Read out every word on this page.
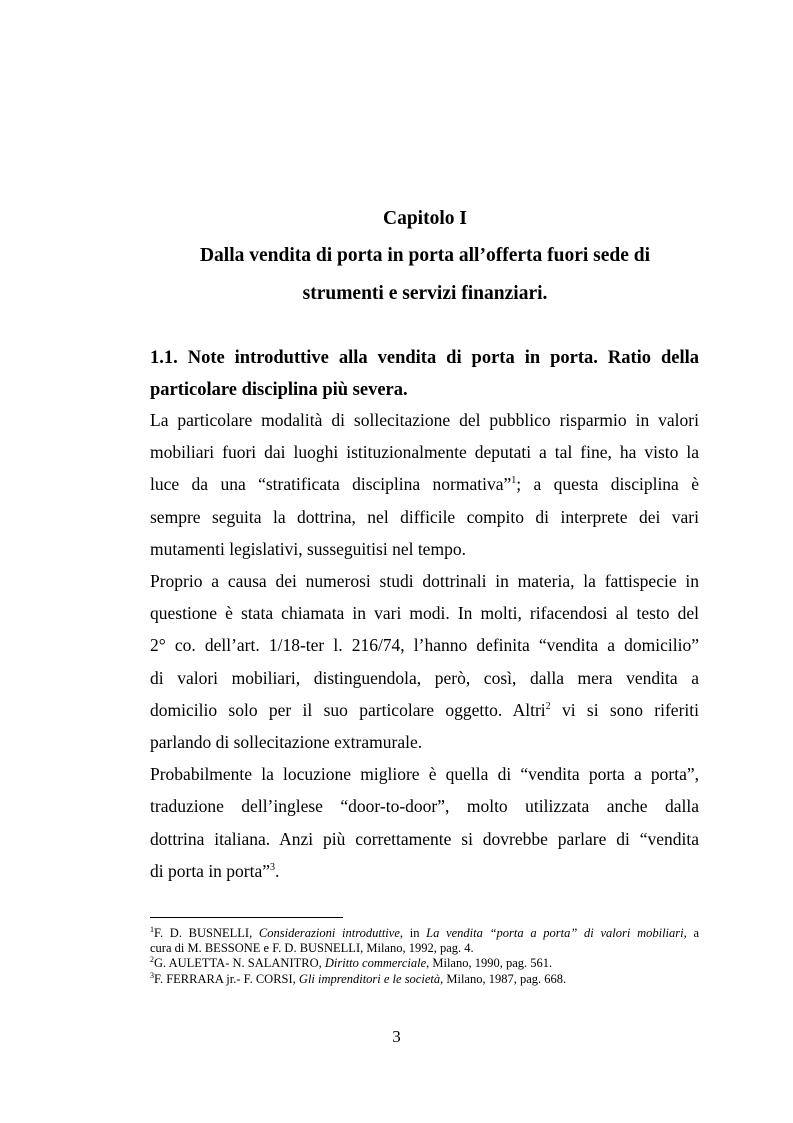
Capitolo I
Dalla vendita di porta in porta all’offerta fuori sede di
strumenti e servizi finanziari.
1.1. Note introduttive alla vendita di porta in porta. Ratio della
particolare disciplina più severa.

La particolare modalità di sollecitazione del pubblico risparmio in valori
mobiliari fuori dai luoghi istituzionalmente deputati a tal fine, ha visto la
luce da una “stratificata disciplina normativa”$^1$; a questa disciplina è
sempre seguita la dottrina, nel difficile compito di interprete dei vari
mutamenti legislativi, susseguitisi nel tempo.

Proprio a causa dei numerosi studi dottrinali in materia, la fattispecie in
questione è stata chiamata in vari modi. In molti, rifacendosi al testo del
2° co. dell’art. 1/18-ter l. 216/74, l’hanno definita “vendita a domicilio”
di valori mobiliari, distinguendola, però, così, dalla mera vendita a
domicilio solo per il suo particolare oggetto. Altri$^2$ vi si sono riferiti
parlando di sollecitazione extramurale.

Probabilmente la locuzione migliore è quella di “vendita porta a porta”,
traduzione dell’inglese “door-to-door”, molto utilizzata anche dalla
dottrina italiana. Anzi più correttamente si dovrebbe parlare di “vendita
di porta in porta”$^3$.

$^1$F. D. BUSNELLI, Considerazioni introduttive, in La vendita “porta a porta” di valori mobiliari, a
cura di M. BESSONE e F. D. BUSNELLI, Milano, 1992, pag. 4.
$^2$G. AULETTA- N. SALANITRO, Diritto commerciale, Milano, 1990, pag. 561.
$^3$F. FERRARA jr.- F. CORSI, Gli imprenditori e le società, Milano, 1987, pag. 668.
3
